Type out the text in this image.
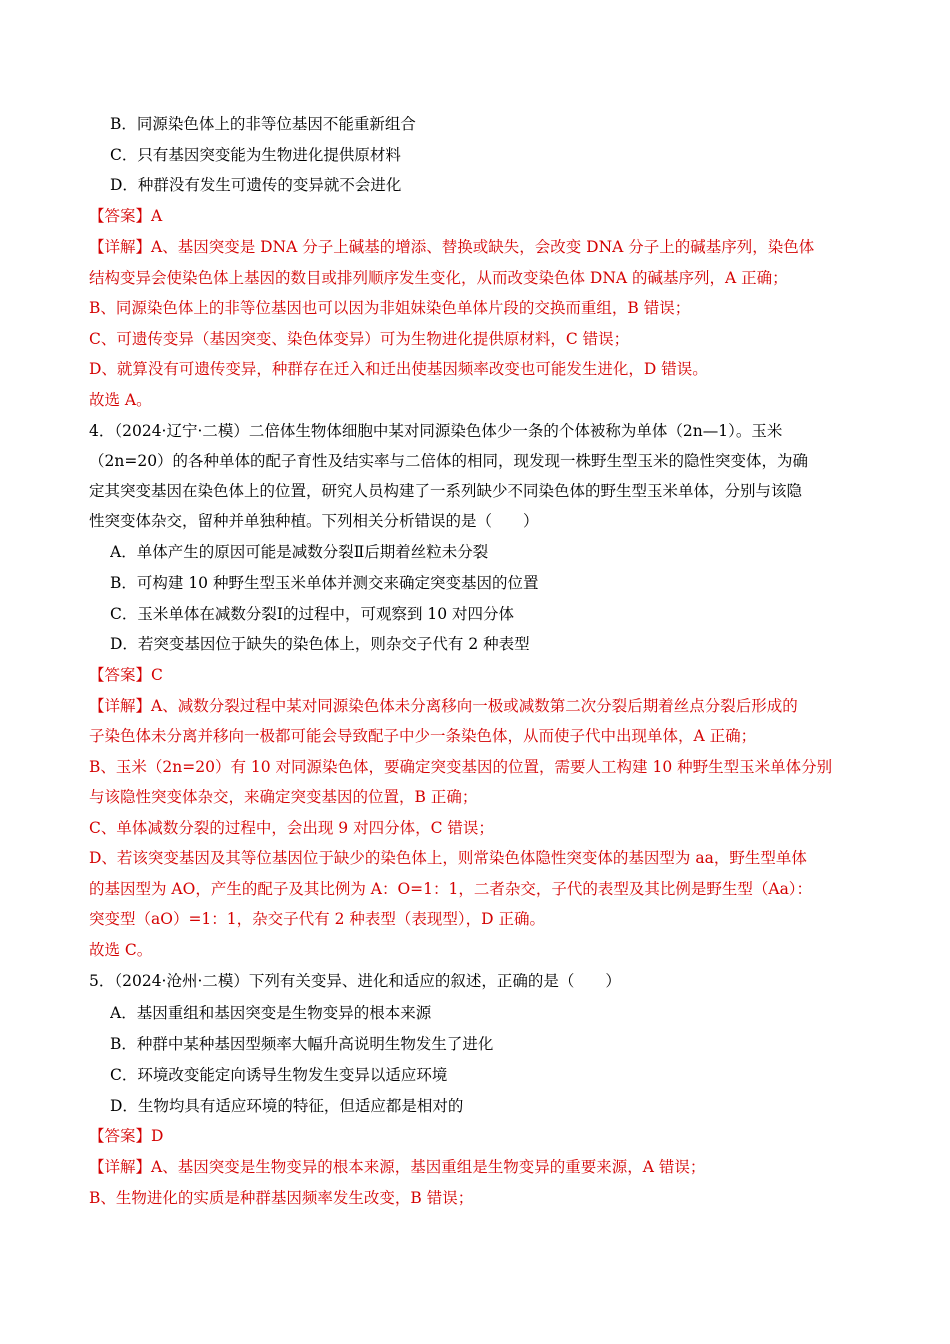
B．同源染色体上的非等位基因不能重新组合
C．只有基因突变能为生物进化提供原材料
D．种群没有发生可遗传的变异就不会进化
【答案】A
【详解】A、基因突变是 DNA 分子上碱基的增添、替换或缺失，会改变 DNA 分子上的碱基序列，染色体
结构变异会使染色体上基因的数目或排列顺序发生变化，从而改变染色体 DNA 的碱基序列，A 正确；
B、同源染色体上的非等位基因也可以因为非姐妹染色单体片段的交换而重组，B 错误；
C、可遗传变异（基因突变、染色体变异）可为生物进化提供原材料，C 错误；
D、就算没有可遗传变异，种群存在迁入和迁出使基因频率改变也可能发生进化，D 错误。
故选 A。
4．（2024·辽宁·二模）二倍体生物体细胞中某对同源染色体少一条的个体被称为单体（2n—1）。玉米
（2n=20）的各种单体的配子育性及结实率与二倍体的相同，现发现一株野生型玉米的隐性突变体，为确
定其突变基因在染色体上的位置，研究人员构建了一系列缺少不同染色体的野生型玉米单体，分别与该隐
性突变体杂交，留种并单独种植。下列相关分析错误的是（　　）
A．单体产生的原因可能是减数分裂Ⅱ后期着丝粒未分裂
B．可构建 10 种野生型玉米单体并测交来确定突变基因的位置
C．玉米单体在减数分裂Ⅰ的过程中，可观察到 10 对四分体
D．若突变基因位于缺失的染色体上，则杂交子代有 2 种表型
【答案】C
【详解】A、减数分裂过程中某对同源染色体未分离移向一极或减数第二次分裂后期着丝点分裂后形成的
子染色体未分离并移向一极都可能会导致配子中少一条染色体，从而使子代中出现单体，A 正确；
B、玉米（2n=20）有 10 对同源染色体，要确定突变基因的位置，需要人工构建 10 种野生型玉米单体分别
与该隐性突变体杂交，来确定突变基因的位置，B 正确；
C、单体减数分裂的过程中，会出现 9 对四分体，C 错误；
D、若该突变基因及其等位基因位于缺少的染色体上，则常染色体隐性突变体的基因型为 aa，野生型单体
的基因型为 AO，产生的配子及其比例为 A：O=1：1，二者杂交，子代的表型及其比例是野生型（Aa）：
突变型（aO）=1：1，杂交子代有 2 种表型（表现型），D 正确。
故选 C。
5．（2024·沧州·二模）下列有关变异、进化和适应的叙述，正确的是（　　）
A．基因重组和基因突变是生物变异的根本来源
B．种群中某种基因型频率大幅升高说明生物发生了进化
C．环境改变能定向诱导生物发生变异以适应环境
D．生物均具有适应环境的特征，但适应都是相对的
【答案】D
【详解】A、基因突变是生物变异的根本来源，基因重组是生物变异的重要来源，A 错误；
B、生物进化的实质是种群基因频率发生改变，B 错误；
